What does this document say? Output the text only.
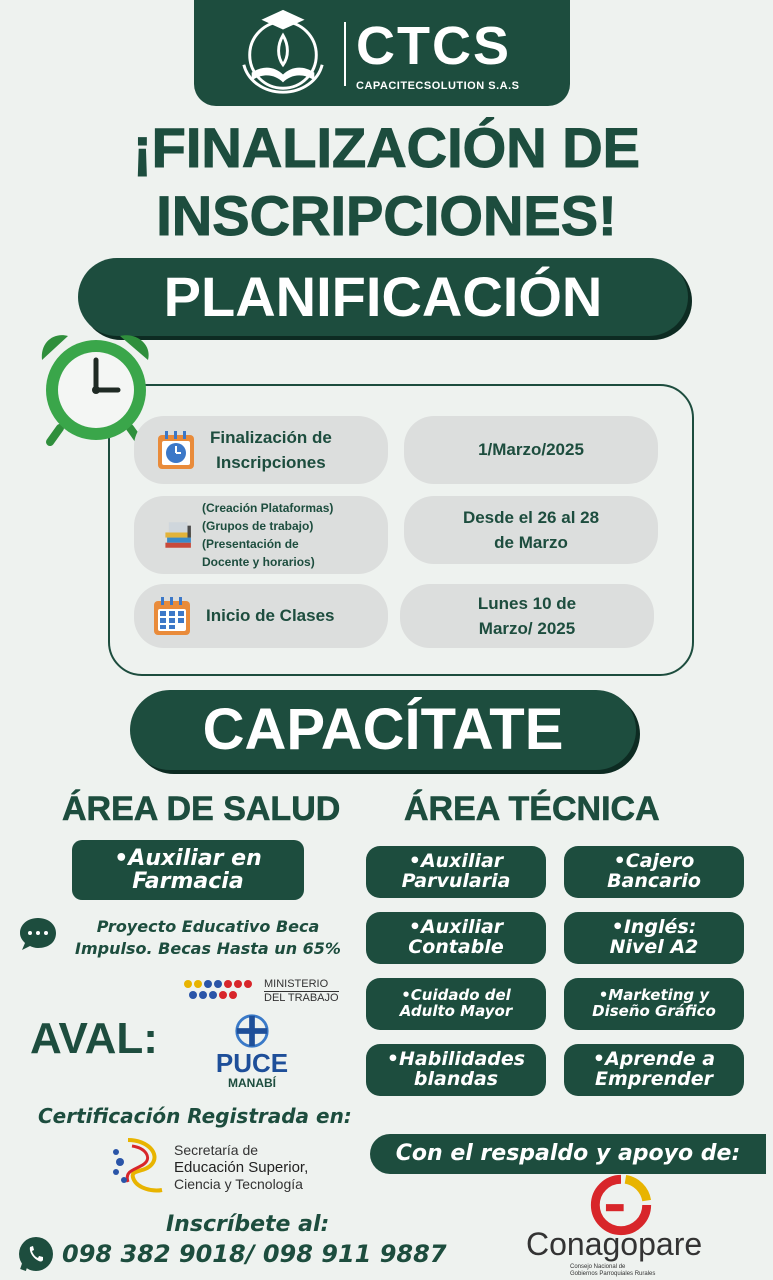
CTCS
CAPACITECSOLUTION S.A.S
¡FINALIZACIÓN DE
INSCRIPCIONES!
PLANIFICACIÓN
Finalización de
Inscripciones
1/Marzo/2025
(Creación Plataformas)
(Grupos de trabajo)
(Presentación de
Docente y horarios)
Desde el 26 al 28
de Marzo
Inicio de Clases
Lunes 10 de
Marzo/ 2025
CAPACÍTATE
ÁREA DE SALUD ÁREA TÉCNICA
•Auxiliar en
Farmacia
•Auxiliar
Parvularia
•Cajero
Bancario
•Auxiliar
Contable
•Inglés:
Nivel A2
•Cuidado del
Adulto Mayor
•Marketing y
Diseño Gráfico
•Habilidades
blandas
•Aprende a
Emprender
Proyecto Educativo Beca
Impulso. Becas Hasta un 65%
AVAL:
MINISTERIO
DEL TRABAJO
PUCE
MANABÍ
Certificación Registrada en:
Secretaría de
Educación Superior,
Ciencia y Tecnología
Con el respaldo y apoyo de:
Conagopare
Consejo Nacional de
Gobiernos Parroquiales Rurales
Inscríbete al:
098 382 9018/ 098 911 9887
